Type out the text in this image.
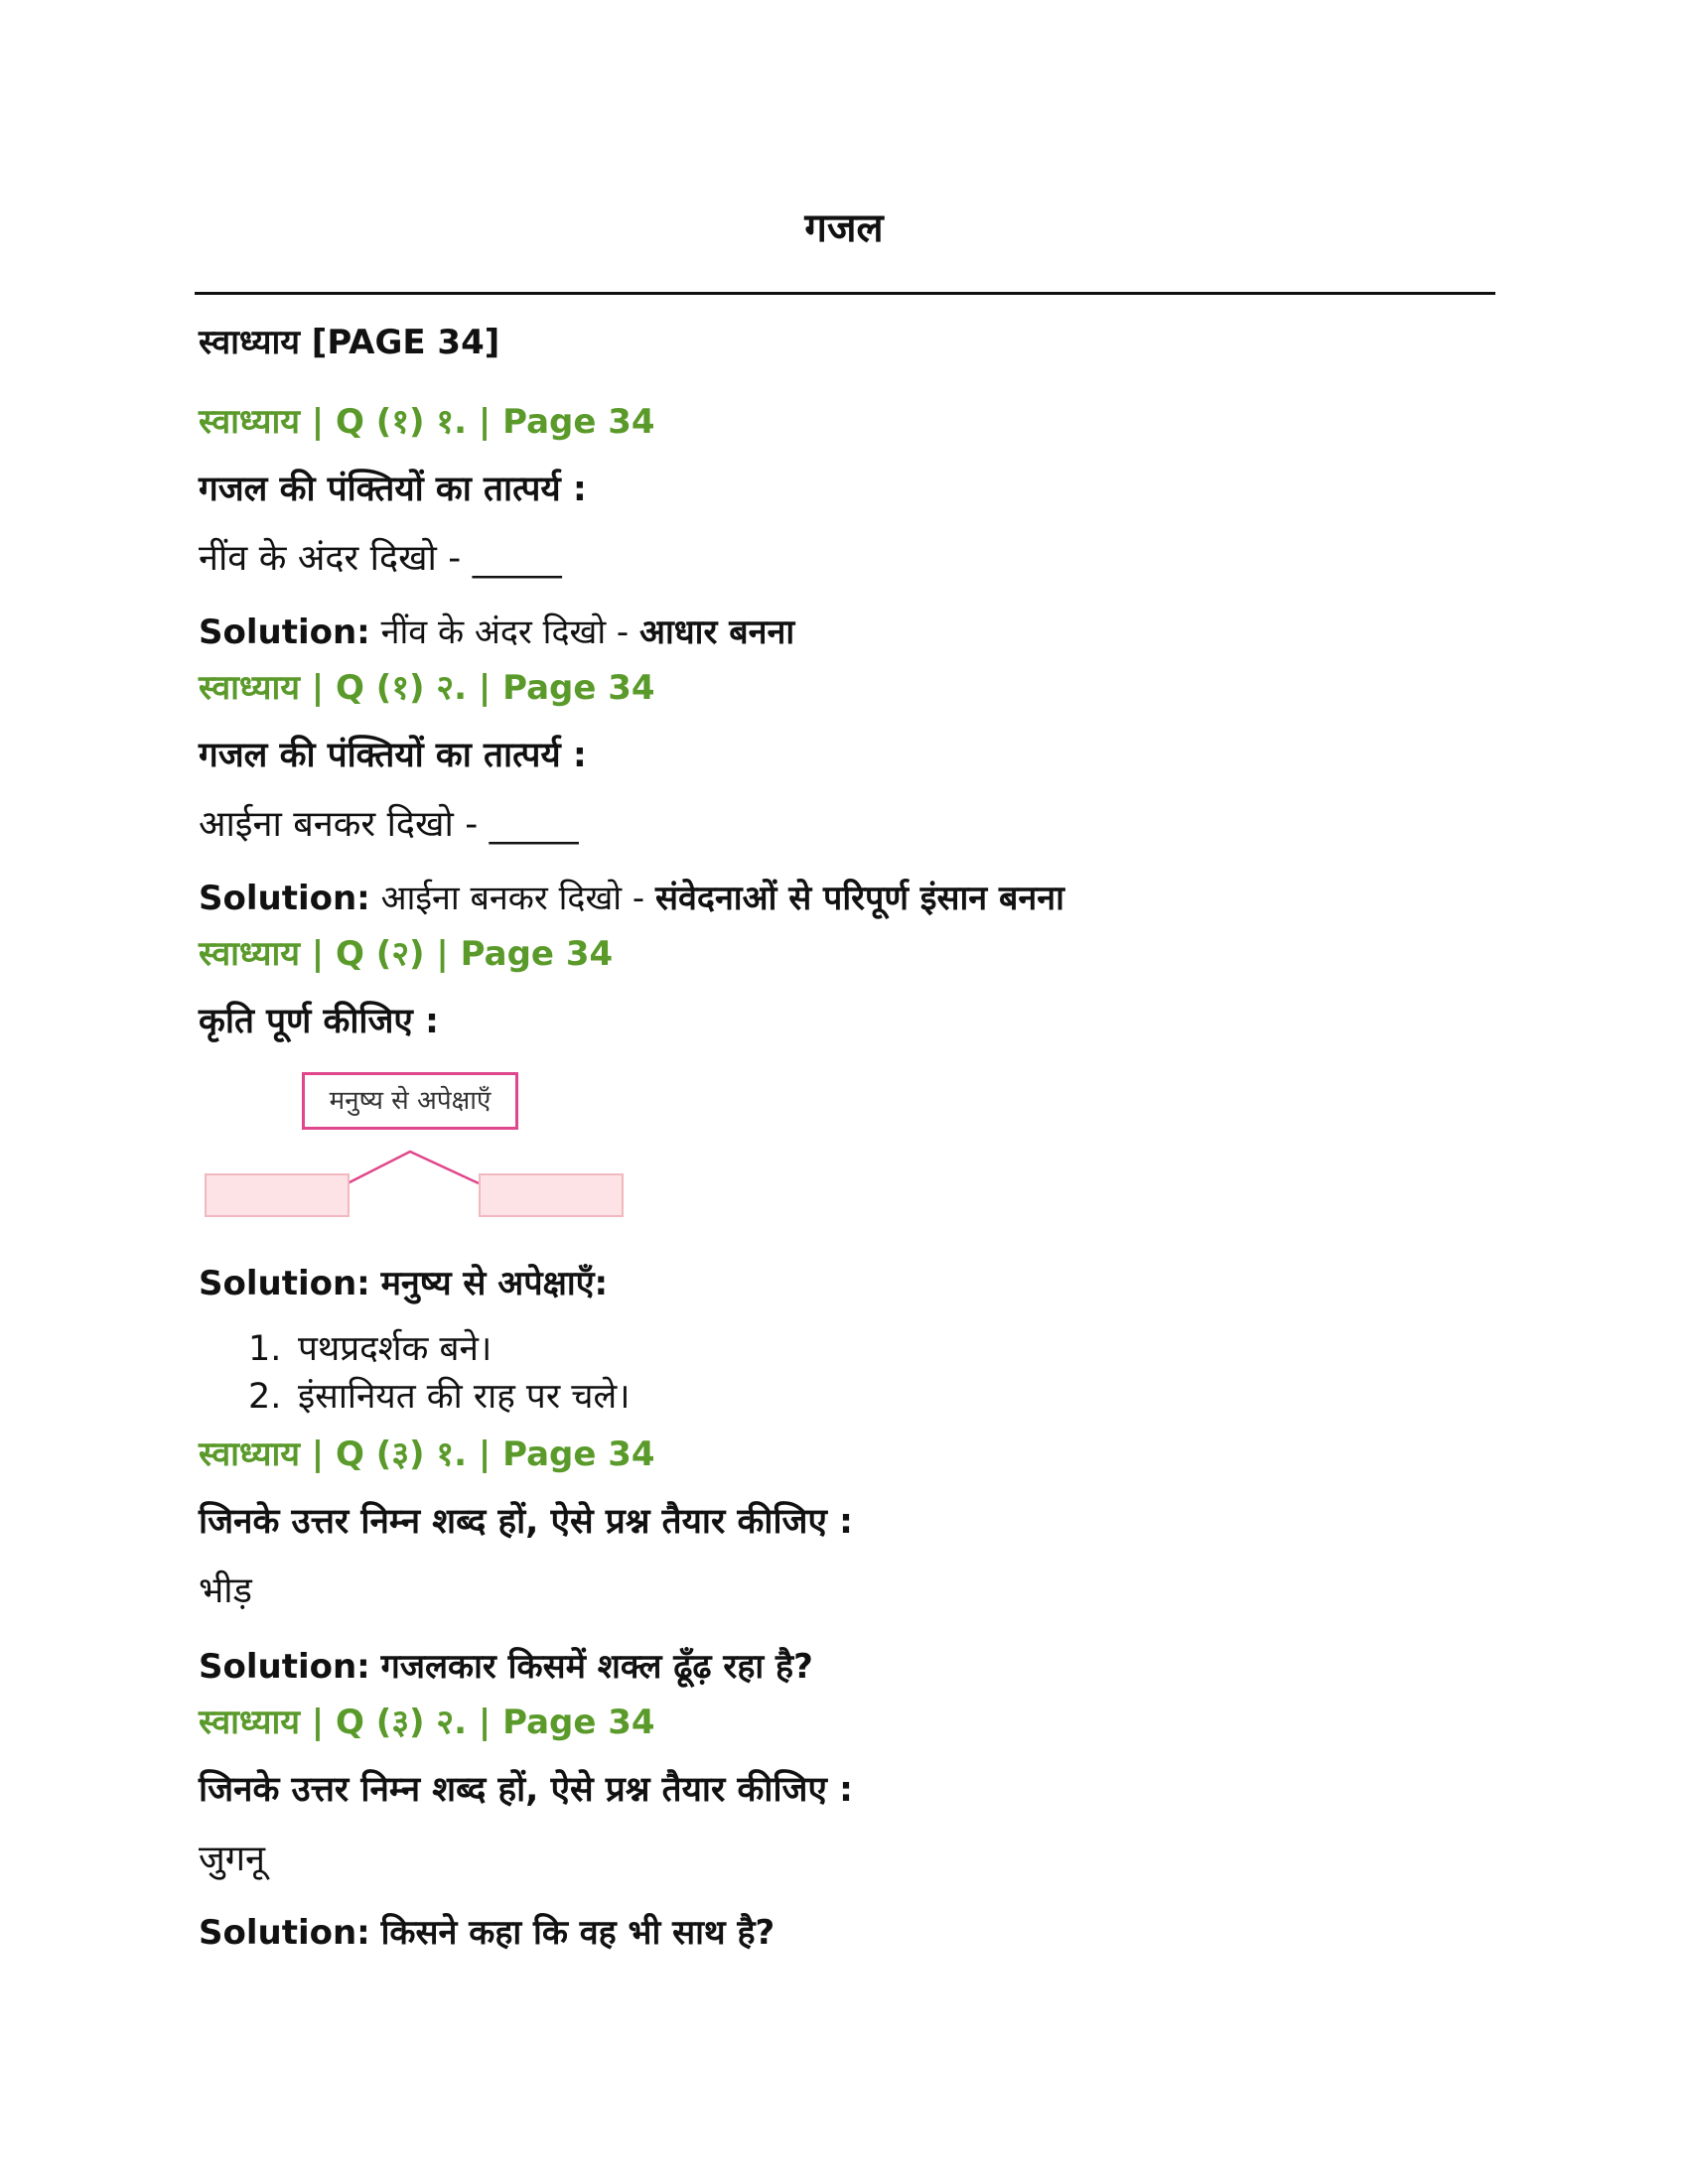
गजल

स्वाध्याय [PAGE 34]

स्वाध्याय | Q (१) १. | Page 34

गजल की पंक्तियों का तात्पर्य :

नींव के अंदर दिखाे - _____

Solution: नींव के अंदर दिखाे - आधार बनना

स्वाध्याय | Q (१) २. | Page 34

गजल की पंक्तियों का तात्पर्य :

आईना बनकर दिखो - _____

Solution: आईना बनकर दिखो - संवेदनाओं से परिपूर्ण इंसान बनना

स्वाध्याय | Q (२) | Page 34

कृति पूर्ण कीजिए :

मनुष्य से अपेक्षाएँ

Solution: मनुष्य से अपेक्षाएँ:

1. पथप्रदर्शक बने।

2. इंसानियत की राह पर चले।

स्वाध्याय | Q (३) १. | Page 34

जिनके उत्तर निम्न शब्द हों, ऐसे प्रश्न तैयार कीजिए :

भीड़

Solution: गजलकार किसमें शक्ल ढूँढ़ रहा है?

स्वाध्याय | Q (३) २. | Page 34

जिनके उत्तर निम्न शब्द हों, ऐसे प्रश्न तैयार कीजिए :

जुगनू

Solution: किसने कहा कि वह भी साथ है?
